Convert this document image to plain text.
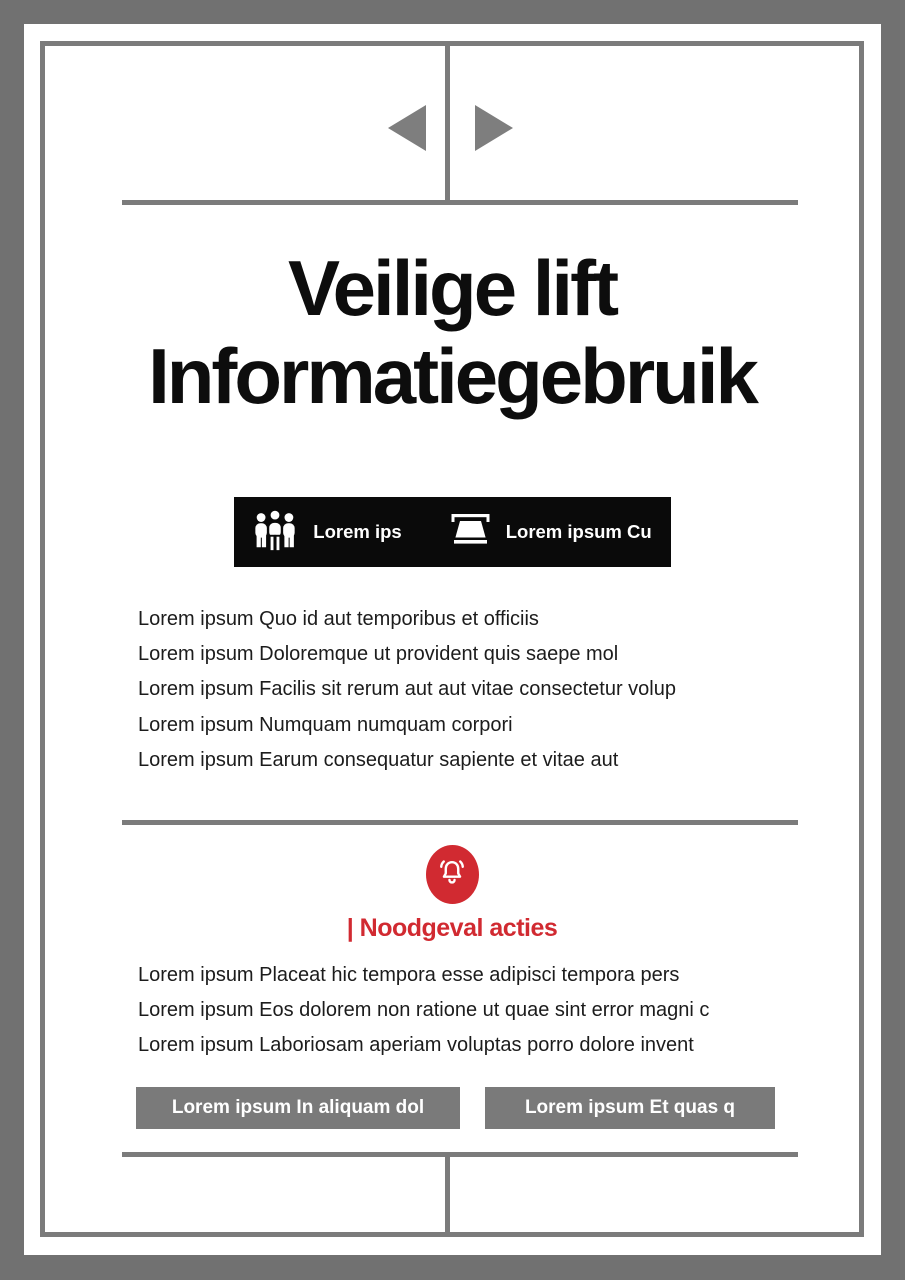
Veilige lift
Informatiegebruik
Lorem ips	Lorem ipsum Cu
Lorem ipsum Quo id aut temporibus et officiis
Lorem ipsum Doloremque ut provident quis saepe mol
Lorem ipsum Facilis sit rerum aut aut vitae consectetur volup
Lorem ipsum Numquam numquam corpori
Lorem ipsum Earum consequatur sapiente et vitae aut
| Noodgeval acties
Lorem ipsum Placeat hic tempora esse adipisci tempora pers
Lorem ipsum Eos dolorem non ratione ut quae sint error magni c
Lorem ipsum Laboriosam aperiam voluptas porro dolore invent
Lorem ipsum In aliquam dol	Lorem ipsum Et quas q
